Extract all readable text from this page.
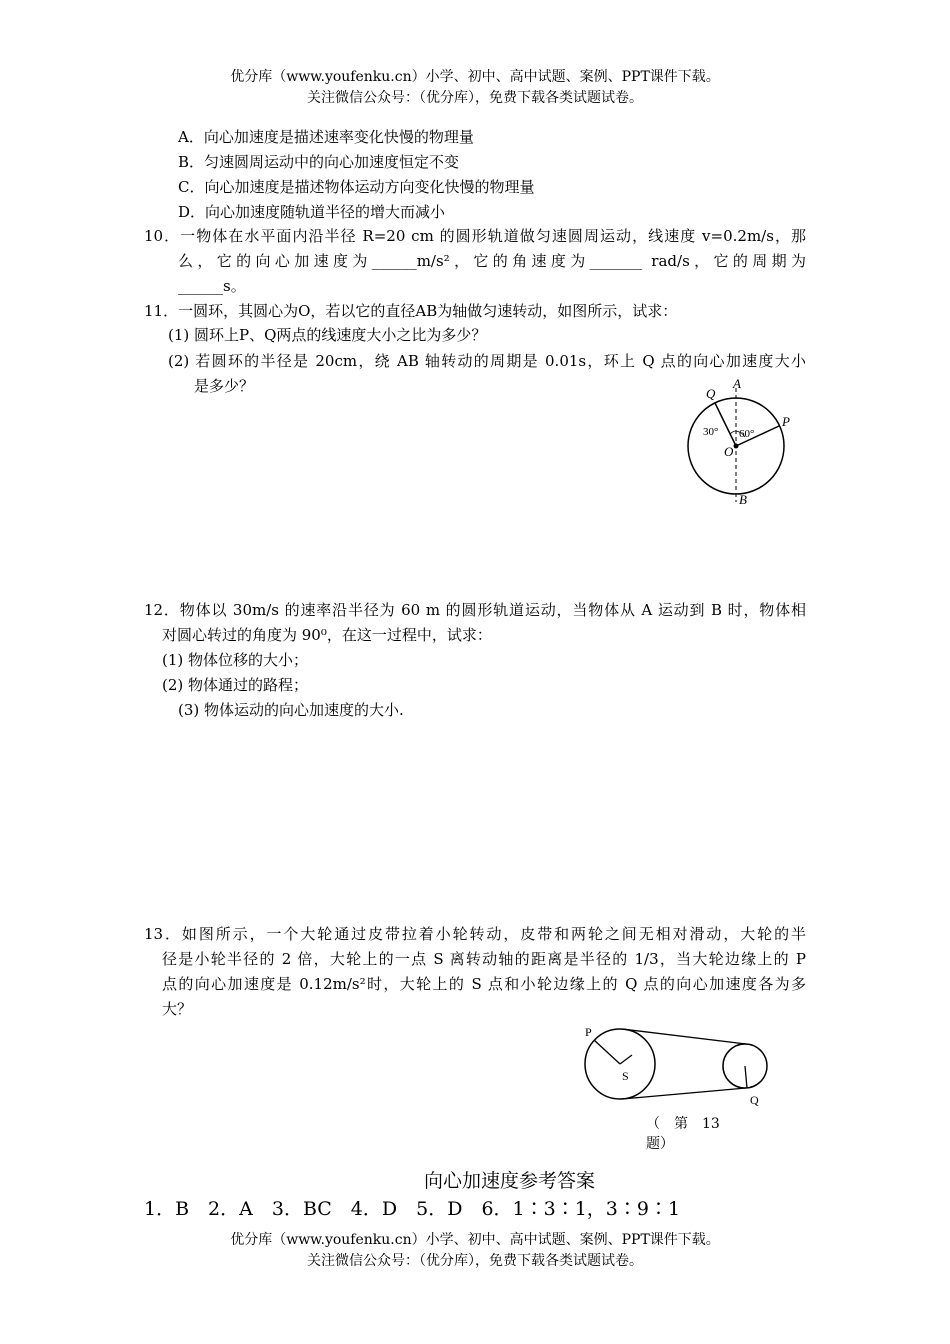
优分库（www.youfenku.cn）小学、初中、高中试题、案例、PPT课件下载。
关注微信公众号：（优分库），免费下载各类试题试卷。
A．向心加速度是描述速率变化快慢的物理量
B．匀速圆周运动中的向心加速度恒定不变
C．向心加速度是描述物体运动方向变化快慢的物理量
D．向心加速度随轨道半径的增大而减小
10．一物体在水平面内沿半径 R=20 cm 的圆形轨道做匀速圆周运动，线速度 v=0.2m/s，那
么，它的向心加速度为______m/s²，它的角速度为_______ rad/s，它的周期为
______s。
11．一圆环，其圆心为O，若以它的直径AB为轴做匀速转动，如图所示，试求：
(1) 圆环上P、Q两点的线速度大小之比为多少？
(2) 若圆环的半径是 20cm，绕 AB 轴转动的周期是 0.01s，环上 Q 点的向心加速度大小
是多少？	A
Q
P
O
B
30° 60°
12．物体以 30m/s 的速率沿半径为 60 m 的圆形轨道运动，当物体从 A 运动到 B 时，物体相
对圆心转过的角度为 90⁰，在这一过程中，试求：
(1) 物体位移的大小；
(2) 物体通过的路程；
(3) 物体运动的向心加速度的大小.
13．如图所示，一个大轮通过皮带拉着小轮转动，皮带和两轮之间无相对滑动，大轮的半
径是小轮半径的 2 倍，大轮上的一点 S 离转动轴的距离是半径的 1/3，当大轮边缘上的 P
点的向心加速度是 0.12m/s²时，大轮上的 S 点和小轮边缘上的 Q 点的向心加速度各为多
大？
P
S
Q
（　第　13
题）
向心加速度参考答案
1．B　2．A　3．BC　4．D　5．D　6．1∶3∶1，3∶9∶1
优分库（www.youfenku.cn）小学、初中、高中试题、案例、PPT课件下载。
关注微信公众号：（优分库），免费下载各类试题试卷。
